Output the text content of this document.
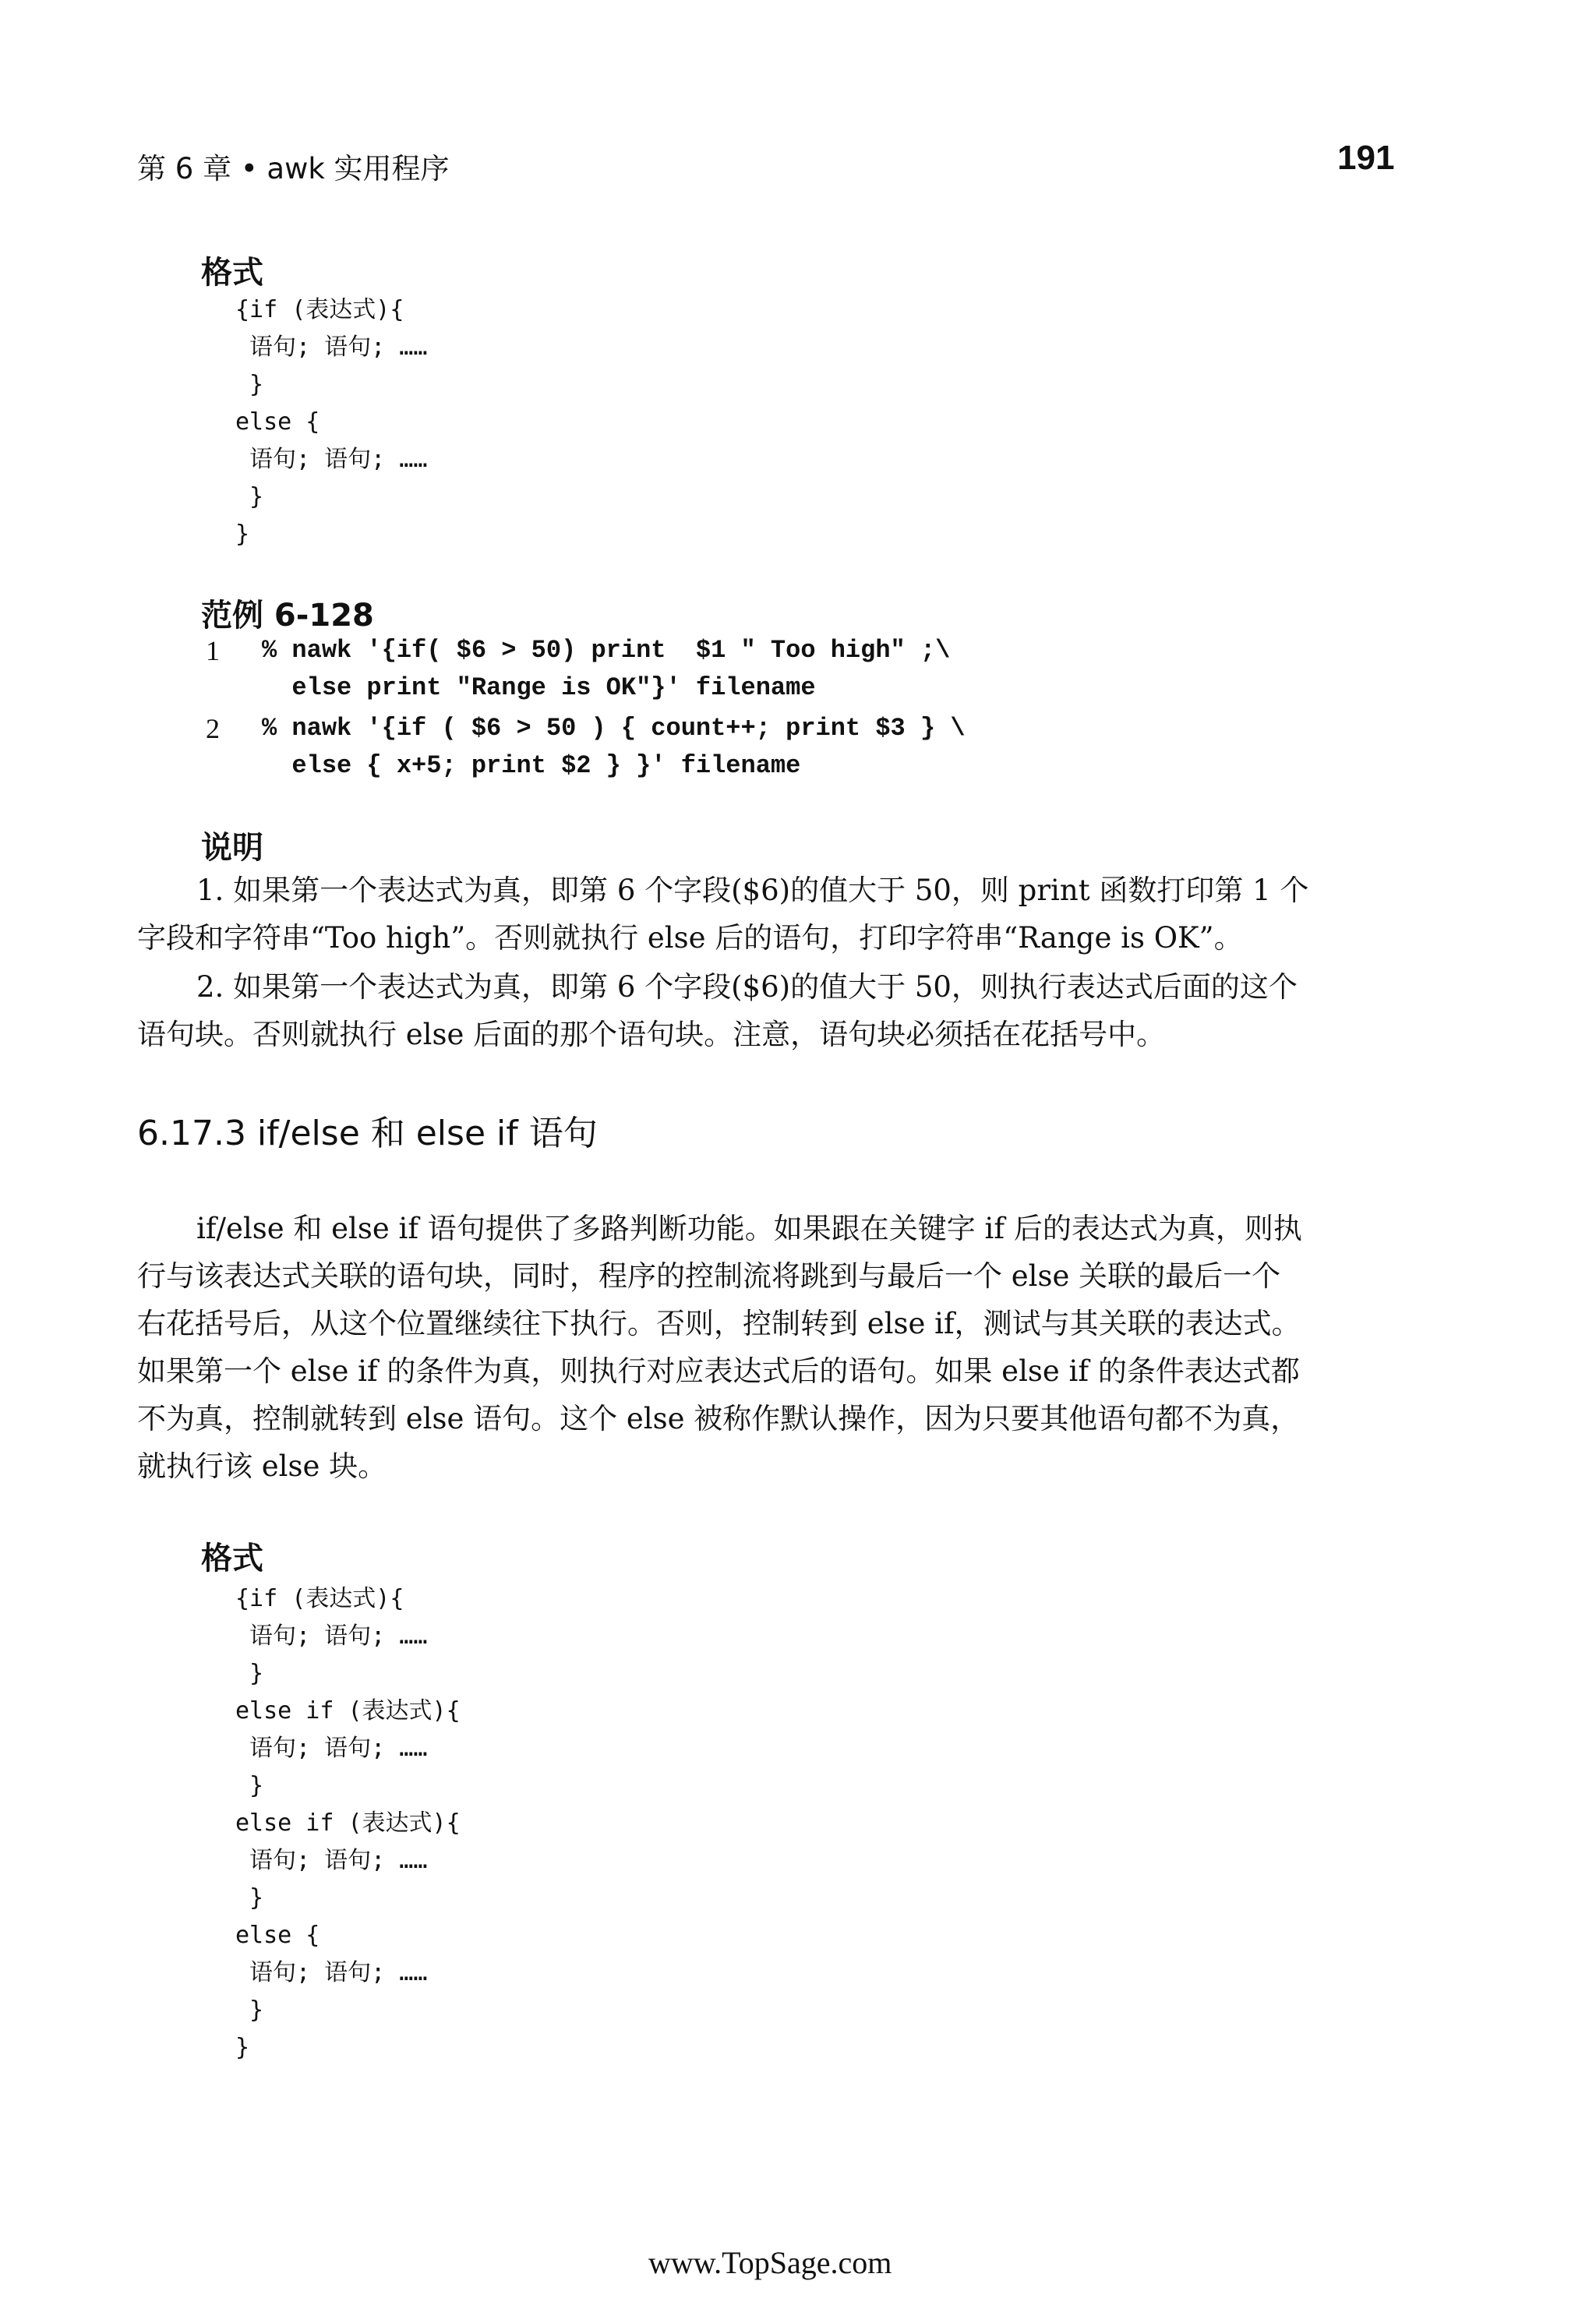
第 6 章 • awk 实用程序	191
格式
{if (表达式){
语句; 语句; ……
}
else {
语句; 语句; ……
}
}
范例 6-128
1 % nawk '{if( $6 > 50) print  $1 " Too high" ;\
else print "Range is OK"}' filename
2 % nawk '{if ( $6 > 50 ) { count++; print $3 } \
else { x+5; print $2 } }' filename
说明
1. 如果第一个表达式为真，即第 6 个字段($6)的值大于 50，则 print 函数打印第 1 个
字段和字符串“Too high”。否则就执行 else 后的语句，打印字符串“Range is OK”。
2. 如果第一个表达式为真，即第 6 个字段($6)的值大于 50，则执行表达式后面的这个
语句块。否则就执行 else 后面的那个语句块。注意，语句块必须括在花括号中。
6.17.3 if/else 和 else if 语句
if/else 和 else if 语句提供了多路判断功能。如果跟在关键字 if 后的表达式为真，则执
行与该表达式关联的语句块，同时，程序的控制流将跳到与最后一个 else 关联的最后一个
右花括号后，从这个位置继续往下执行。否则，控制转到 else if，测试与其关联的表达式。
如果第一个 else if 的条件为真，则执行对应表达式后的语句。如果 else if 的条件表达式都
不为真，控制就转到 else 语句。这个 else 被称作默认操作，因为只要其他语句都不为真，
就执行该 else 块。
格式
{if (表达式){
语句; 语句; ……
}
else if (表达式){
语句; 语句; ……
}
else if (表达式){
语句; 语句; ……
}
else {
语句; 语句; ……
}
}
www.TopSage.com
